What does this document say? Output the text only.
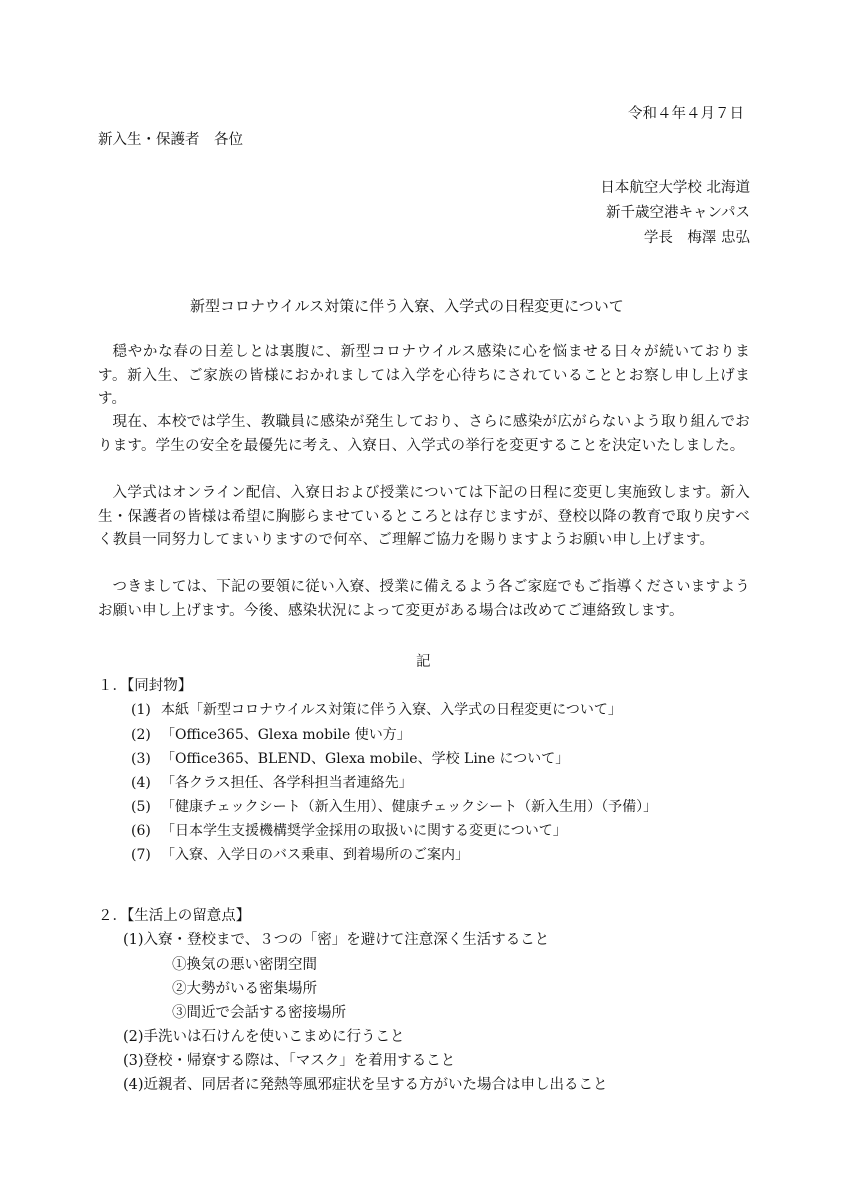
令和４年４月７日
新入生・保護者　各位
日本航空大学校 北海道
新千歳空港キャンパス
学長　梅澤 忠弘
新型コロナウイルス対策に伴う入寮、入学式の日程変更について
穏やかな春の日差しとは裏腹に、新型コロナウイルス感染に心を悩ませる日々が続いております。新入生、ご家族の皆様におかれましては入学を心待ちにされていることとお察し申し上げます。
現在、本校では学生、教職員に感染が発生しており、さらに感染が広がらないよう取り組んでおります。学生の安全を最優先に考え、入寮日、入学式の挙行を変更することを決定いたしました。
入学式はオンライン配信、入寮日および授業については下記の日程に変更し実施致します。新入生・保護者の皆様は希望に胸膨らませているところとは存じますが、登校以降の教育で取り戻すべく教員一同努力してまいりますので何卒、ご理解ご協力を賜りますようお願い申し上げます。
つきましては、下記の要領に従い入寮、授業に備えるよう各ご家庭でもご指導くださいますようお願い申し上げます。今後、感染状況によって変更がある場合は改めてご連絡致します。
記
１．【同封物】
(1) 本紙「新型コロナウイルス対策に伴う入寮、入学式の日程変更について」
(2) 「Office365、Glexa mobile 使い方」
(3) 「Office365、BLEND、Glexa mobile、学校 Line について」
(4) 「各クラス担任、各学科担当者連絡先」
(5) 「健康チェックシート（新入生用）、健康チェックシート（新入生用）（予備）」
(6) 「日本学生支援機構奨学金採用の取扱いに関する変更について」
(7) 「入寮、入学日のバス乗車、到着場所のご案内」
２．【生活上の留意点】
(1)入寮・登校まで、３つの「密」を避けて注意深く生活すること
①換気の悪い密閉空間
②大勢がいる密集場所
③間近で会話する密接場所
(2)手洗いは石けんを使いこまめに行うこと
(3)登校・帰寮する際は、「マスク」を着用すること
(4)近親者、同居者に発熱等風邪症状を呈する方がいた場合は申し出ること
